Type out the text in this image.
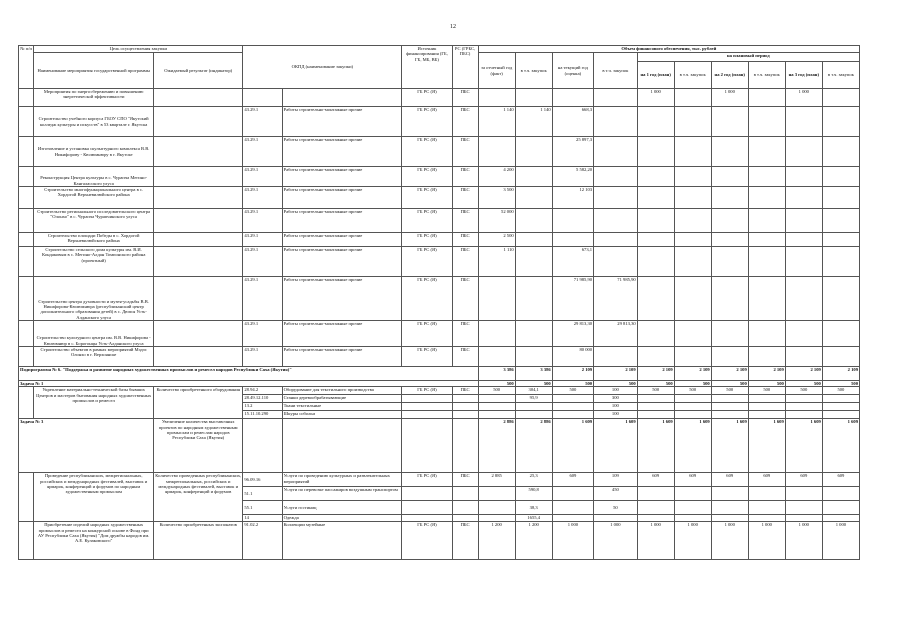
12
№ п/п	Цель осуществления закупки		ОКПД (наименование закупки)		Источник финансирования (ГБ, ГБ, МБ, ВБ)	РС (ГРБС, ПБС)	Объем финансового обеспечения, тыс. рублей									
	Наименование мероприятия государственной программы	Ожидаемый результат (индикатор)					за отчетный год (факт)	в т.ч. закупок	на текущий год (оценка)	в т.ч. закупок	на плановый период					
											на 1 год (план)	в т.ч. закупок	на 2 год (план)	в т.ч. закупок	на 3 год (план)	в т.ч. закупок
	Мероприятия по энергосбережению и повышению энергетической эффективности				ГБ РС (Я)	ПБС					1 000		1 000		1 000	
	Строительство учебного корпуса ГБОУ СПО "Якутский колледж культуры и искусств" в 53 квартале г. Якутска		43.29.1	Работы строительно-монтажные прочие	ГБ РС (Я)	ПБС	1 140	1 140	668,3							
	Изготовление и установка скульптурного комплекса В.В. Никифорову - Кюлюмнюру в г. Якутске		43.29.1	Работы строительно-монтажные прочие	ГБ РС (Я)	ПБС			25 897,3							
	Реконструкция Центра культуры в с. Чурапча Мегино-Кангаласского улуса		43.29.1	Работы строительно-монтажные прочие	ГБ РС (Я)	ПБС	4 200		5 582,20							
	Строительство многофункционального центра в с. Хордогой Верхневилюйского района		43.29.1	Работы строительно-монтажные прочие	ГБ РС (Я)	ПБС	3 500		12 103							
	Строительство регионального исследовательского центра "Олонхо" в с. Чурапча Чурапчинского улуса		43.29.1	Работы строительно-монтажные прочие	ГБ РС (Я)	ПБС	52 000									
	Строительство площади Победы в с. Хордогой Верхневилюйского района		43.29.1	Работы строительно-монтажные прочие	ГБ РС (Я)	ПБС	2 500									
	Строительство сельского дома культуры им. В.И. Кондаковым в с. Мегино-Алдан Томпонского района (проектный)		43.29.1	Работы строительно-монтажные прочие	ГБ РС (Я)	ПБС	1 110		673,1							
	Строительство центра духовности и музея-усадьбы В.В. Никифорова-Кюлюмнюра (республиканский центр дополнительного образования детей) в с. Дюпся Усть-Алданского улуса		43.29.1	Работы строительно-монтажные прочие	ГБ РС (Я)	ПБС			71 985,90	71 985,90						
	Строительство культурного центра им. В.В. Никифорова - Кюлюмнюр в с. Борогонцы Усть-Алданского улуса		43.29.1	Работы строительно-монтажные прочие	ГБ РС (Я)	ПБС			29 813,30	29 813,30						
	Строительство объектов в рамках мероприятий Мэдэс Олонхо в г. Верхоянске		43.29.1	Работы строительно-монтажные прочие	ГБ РС (Я)	ПБС			80 000							
Подпрограмма № 6. "Поддержка и развитие народных художественных промыслов и ремесел народов Республики Саха (Якутия)"							3 386	3 386	2 109	2 109	2 109	2 109	2 109	2 109	2 109	2 109
Задача № 1							500	500	500	500	500	500	500	500	500	500
	Укрепление материально-технической базы бывших Центров и мастеров бытования народных художественных промыслов и ремесел	Количество приобретенного оборудования	28.94.2	Оборудование для текстильного производства	ГБ РС (Я)	ПБС	500	304,1	500	100	500	500	500	500	500	500
			28.49.12.110	Станки деревообрабатывающие				95,9		300						
			13.2	Ткани текстильные						100						
			15.11.10.290	Шкуры собольи						100						
Задача № 3		Увеличение количества выставочных проектов по народным художественным промыслам и ремеслам народов Республики Саха (Якутия)					2 886	2 886	1 609	1 609	1 609	1 609	1 609	1 609	1 609	1 609
	Проведение республиканских, межрегиональных, российских и международных фестивалей, выставок и ярмарок, конференций и форумов по народным художественным промыслам	Количество проведенных республиканских, межрегиональных, российских и международных фестивалей, выставок и ярмарок, конференций и форумов	96.09.16	Услуги по проведению культурных и развлекательных мероприятий	ГБ РС (Я)	ПБС	2 885	25,3	609	109	609	609	609	609	609	609
			51.1	Услуги по перевозке пассажиров воздушным транспортом				590,8		450						
			55.1	Услуги гостиниц				38,3		50						
			14	Одежда				1655,4								
	Приобретение изделий народных художественных промыслов и ремесел на конкурсной основе в Фонд при АУ Республики Саха (Якутия) "Дом дружбы народов им. А.Е. Кулаковского"	Количество приобретенных экспонатов	91.02.2	Коллекции музейные	ГБ РС (Я)	ПБС	1 200	1 200	1 000	1 000	1 000	1 000	1 000	1 000	1 000	1 000
